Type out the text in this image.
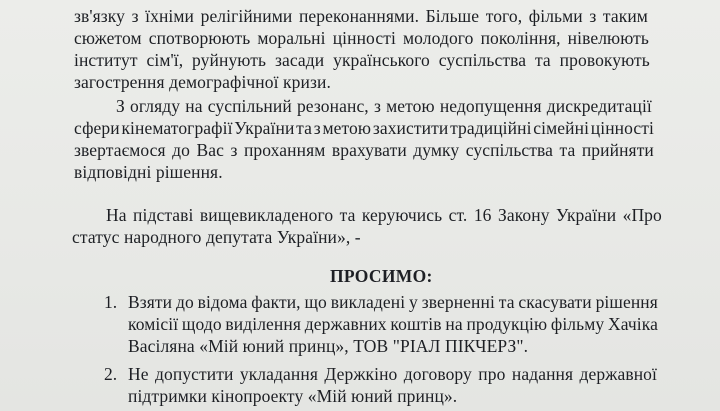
зв'язку з їхніми релігійними переконаннями. Більше того, фільми з таким
сюжетом спотворюють моральні цінності молодого покоління, нівелюють
інститут сім'ї, руйнують засади українського суспільства та провокують
загострення демографічної кризи.
З огляду на суспільний резонанс, з метою недопущення дискредитації
сфери кінематографії України та з метою захистити традиційні сімейні цінності
звертаємося до Вас з проханням врахувати думку суспільства та прийняти
відповідні рішення.
На підставі вищевикладеного та керуючись ст. 16 Закону України «Про
статус народного депутата України», -
ПРОСИМО:
1. Взяти до відома факти, що викладені у зверненні та скасувати рішення
комісії щодо виділення державних коштів на продукцію фільму Хачіка
Васіляна «Мій юний принц», ТОВ "РІАЛ ПІКЧЕРЗ".
2. Не допустити укладання Держкіно договору про надання державної
підтримки кінопроекту «Мій юний принц».
